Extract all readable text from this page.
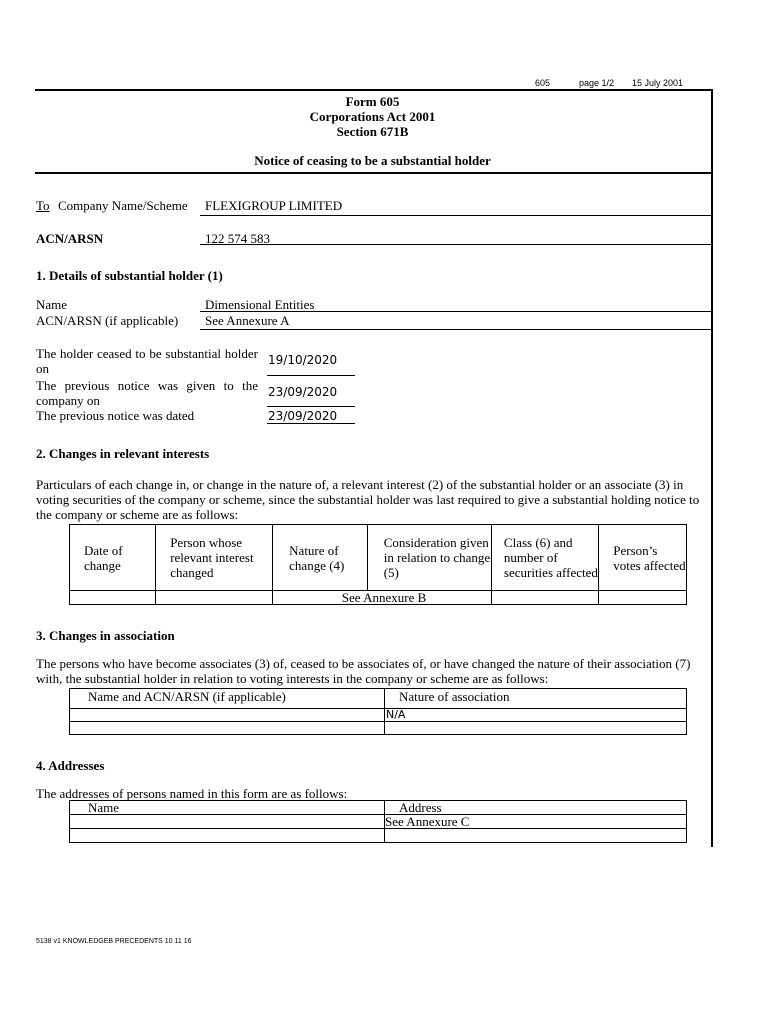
605	page 1/2 15 July 2001
Form 605
Corporations Act 2001
Section 671B
Notice of ceasing to be a substantial holder
To Company Name/Scheme FLEXIGROUP LIMITED
ACN/ARSN	122 574 583
1. Details of substantial holder (1)
Name	Dimensional Entities
ACN/ARSN (if applicable) See Annexure A
The holder ceased to be substantial holder on
19/10/2020
The previous notice was given to the company on
23/09/2020
The previous notice was dated	23/09/2020
2. Changes in relevant interests
Particulars of each change in, or change in the nature of, a relevant interest (2) of the substantial holder or an associate (3) in voting securities of the company or scheme, since the substantial holder was last required to give a substantial holding notice to the company or scheme are as follows:
Date of change	Person whose relevant interest changed	Nature of change (4)	Consideration given in relation to change (5)	Class (6) and number of securities affected	Person’s votes affected
		See Annexure B			
3. Changes in association
The persons who have become associates (3) of, ceased to be associates of, or have changed the nature of their association (7) with, the substantial holder in relation to voting interests in the company or scheme are as follows:
Name and ACN/ARSN (if applicable)	Nature of association
	N/A

4. Addresses
The addresses of persons named in this form are as follows:
Name	Address
	See Annexure C

5138 v1 KNOWLEDGEB PRECEDENTS 10 11 16
